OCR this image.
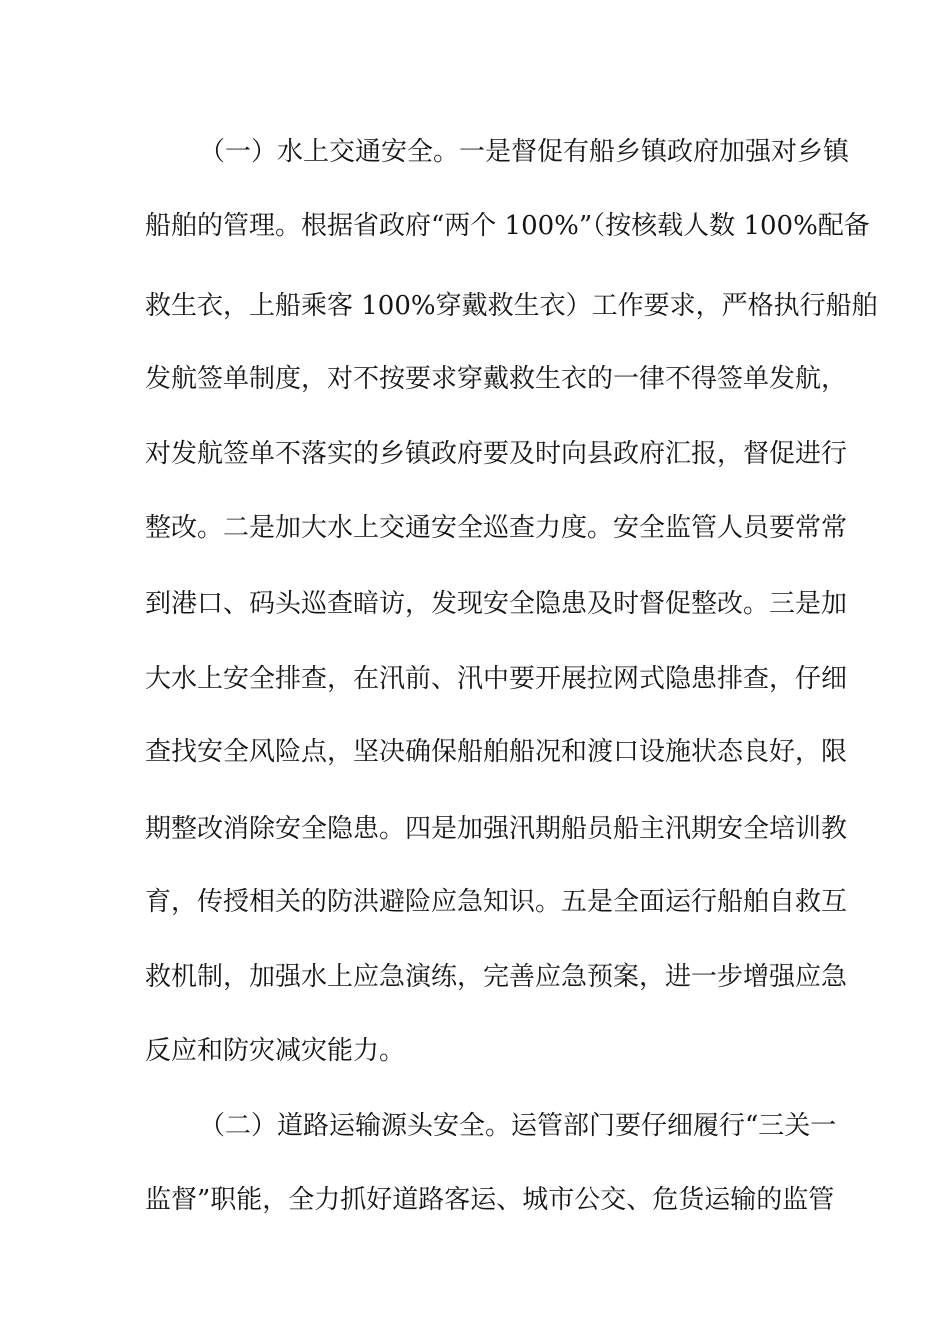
（一）水上交通安全。一是督促有船乡镇政府加强对乡镇
船舶的管理。根据省政府“两个 100%”（按核载人数 100%配备
救生衣，上船乘客 100%穿戴救生衣）工作要求，严格执行船舶
发航签单制度，对不按要求穿戴救生衣的一律不得签单发航，
对发航签单不落实的乡镇政府要及时向县政府汇报，督促进行
整改。二是加大水上交通安全巡查力度。安全监管人员要常常
到港口、码头巡查暗访，发现安全隐患及时督促整改。三是加
大水上安全排查，在汛前、汛中要开展拉网式隐患排查，仔细
查找安全风险点，坚决确保船舶船况和渡口设施状态良好，限
期整改消除安全隐患。四是加强汛期船员船主汛期安全培训教
育，传授相关的防洪避险应急知识。五是全面运行船舶自救互
救机制，加强水上应急演练，完善应急预案，进一步增强应急
反应和防灾减灾能力。
（二）道路运输源头安全。运管部门要仔细履行“三关一
监督”职能，全力抓好道路客运、城市公交、危货运输的监管
